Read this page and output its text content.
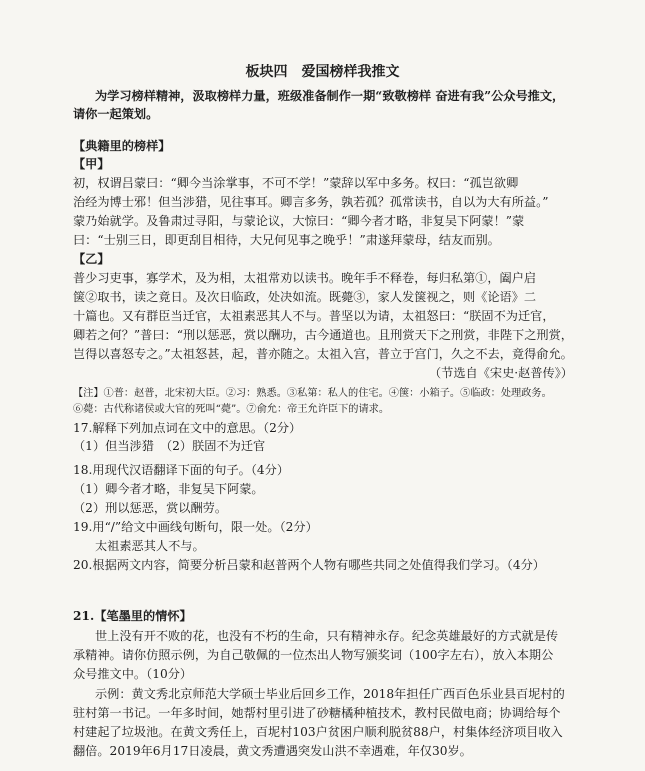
板块四　爱国榜样我推文
为学习榜样精神，汲取榜样力量，班级准备制作一期“致敬榜样 奋进有我”公众号推文，
请你一起策划。
【典籍里的榜样】
【甲】
初，权谓吕蒙曰：“卿今当涂掌事，不可不学！”蒙辞以军中多务。权曰：“孤岂欲卿
治经为博士邪！但当涉猎，见往事耳。卿言多务，孰若孤？孤常读书，自以为大有所益。”
蒙乃始就学。及鲁肃过寻阳，与蒙论议，大惊曰：“卿今者才略，非复吴下阿蒙！”蒙
曰：“士别三日，即更刮目相待，大兄何见事之晚乎！”肃遂拜蒙母，结友而别。
【乙】
普少习吏事，寡学术，及为相，太祖常劝以读书。晚年手不释卷，每归私第①，阖户启
箧②取书，读之竟日。及次日临政，处决如流。既薨③，家人发箧视之，则《论语》二
十篇也。又有群臣当迁官，太祖素恶其人不与。普坚以为请，太祖怒曰：“朕固不为迁官，
卿若之何？”普曰：“刑以惩恶，赏以酬功，古今通道也。且刑赏天下之刑赏，非陛下之刑赏，
岂得以喜怒专之。”太祖怒甚，起，普亦随之。太祖入宫，普立于宫门，久之不去，竟得俞允。
（节选自《宋史·赵普传》）
【注】①普：赵普，北宋初大臣。②习：熟悉。③私第：私人的住宅。④箧：小箱子。⑤临政：处理政务。
⑥薨：古代称诸侯或大官的死叫“薨”。⑦俞允：帝王允许臣下的请求。
17.解释下列加点词在文中的意思。（2分）
（1）但当涉猎　（2）朕固不为迁官
18.用现代汉语翻译下面的句子。（4分）
（1）卿今者才略，非复吴下阿蒙。
（2）刑以惩恶，赏以酬劳。
19.用“/”给文中画线句断句，限一处。（2分）
太祖素恶其人不与。
20.根据两文内容，简要分析吕蒙和赵普两个人物有哪些共同之处值得我们学习。（4分）
21.【笔墨里的情怀】
世上没有开不败的花，也没有不朽的生命，只有精神永存。纪念英雄最好的方式就是传
承精神。请你仿照示例，为自己敬佩的一位杰出人物写颁奖词（100字左右），放入本期公
众号推文中。（10分）
示例：黄文秀北京师范大学硕士毕业后回乡工作，2018年担任广西百色乐业县百坭村的
驻村第一书记。一年多时间，她帮村里引进了砂糖橘种植技术，教村民做电商；协调给每个
村建起了垃圾池。在黄文秀任上，百坭村103户贫困户顺利脱贫88户，村集体经济项目收入
翻倍。2019年6月17日凌晨，黄文秀遭遇突发山洪不幸遇难，年仅30岁。
